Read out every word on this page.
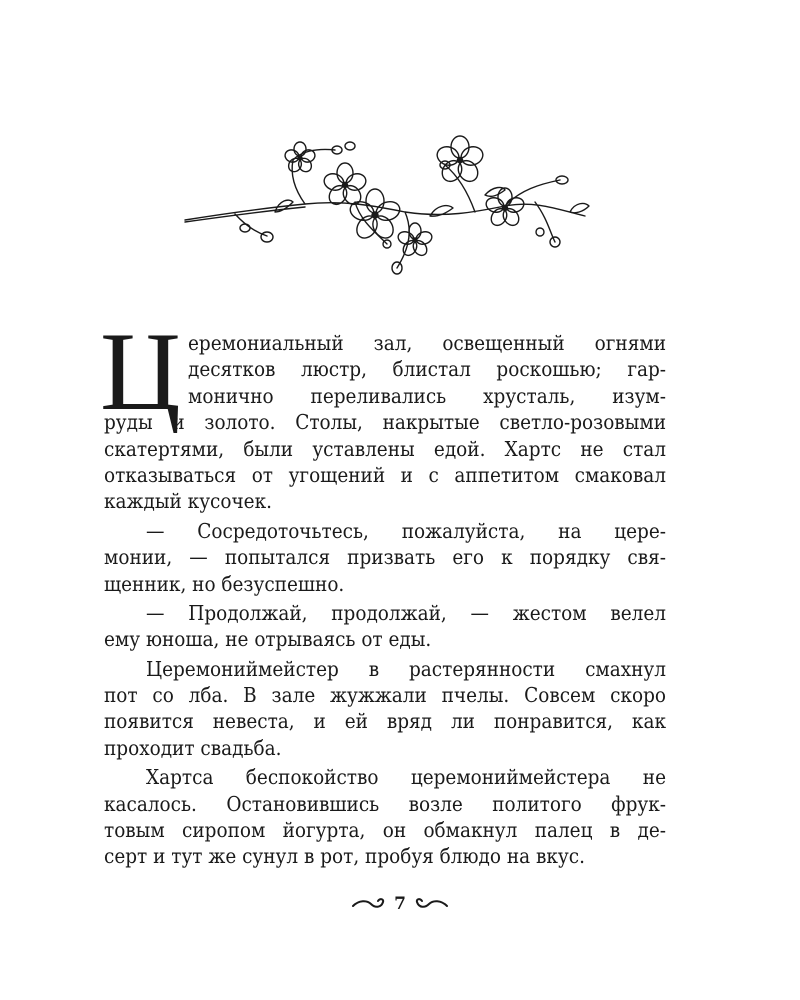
Ц еремониальный зал, освещенный огнями
десятков люстр, блистал роскошью; гар-
монично переливались хрусталь, изум-
руды и золото. Столы, накрытые светло-розовыми
скатертями, были уставлены едой. Хартс не стал
отказываться от угощений и с аппетитом смаковал
каждый кусочек.
— Сосредоточьтесь, пожалуйста, на цере-
монии, — попытался призвать его к порядку свя-
щенник, но безуспешно.
— Продолжай, продолжай, — жестом велел
ему юноша, не отрываясь от еды.
Церемониймейстер в растерянности смахнул
пот со лба. В зале жужжали пчелы. Совсем скоро
появится невеста, и ей вряд ли понравится, как
проходит свадьба.
Хартса беспокойство церемониймейстера не
касалось. Остановившись возле политого фрук-
товым сиропом йогурта, он обмакнул палец в де-
серт и тут же сунул в рот, пробуя блюдо на вкус.
7
